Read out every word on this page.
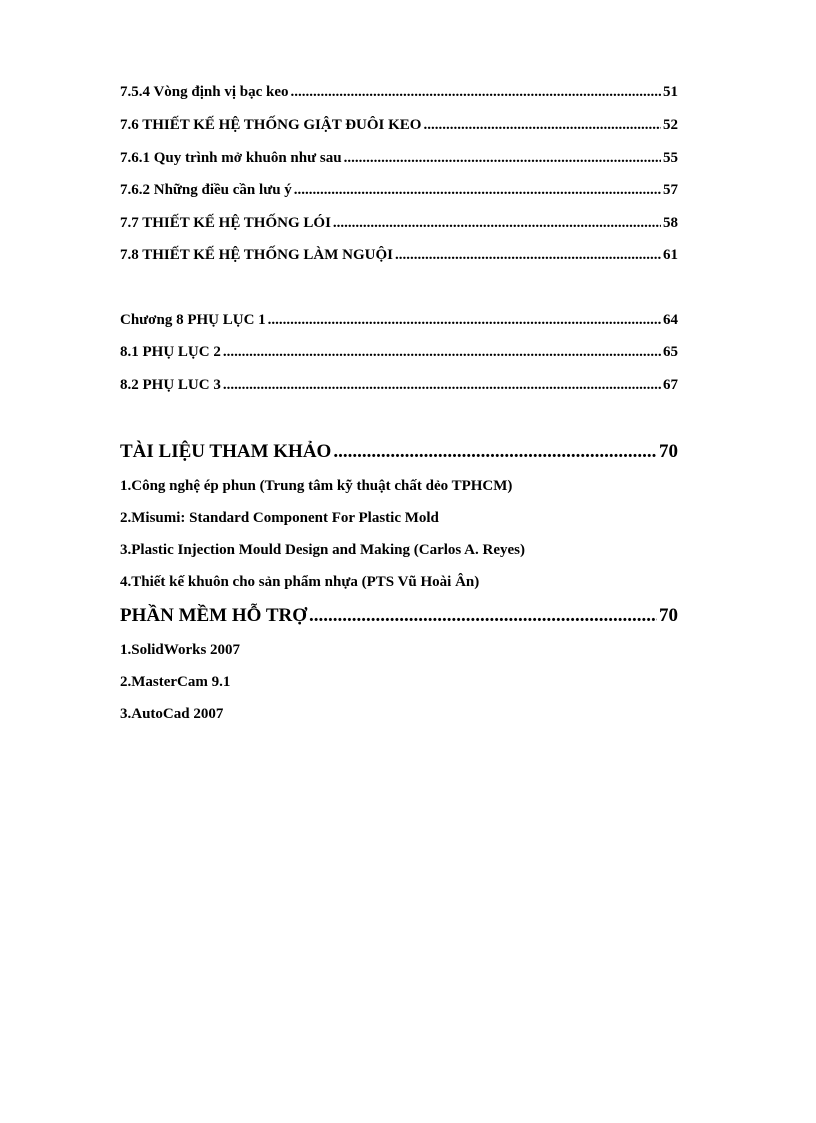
7.5.4 Vòng định vị bạc keo .....	51
7.6 THIẾT KẾ HỆ THỐNG GIẬT ĐUÔI KEO .....	52
7.6.1 Quy trình mở khuôn như sau .....	55
7.6.2 Những điều cần lưu ý .....	57
7.7 THIẾT KẾ HỆ THỐNG LÓI .....	58
7.8 THIẾT KẾ HỆ THỐNG LÀM NGUỘI .....	61
Chương 8 PHỤ LỤC 1 .....	64
8.1 PHỤ LỤC 2 .....	65
8.2 PHỤ LUC 3 .....	67
TÀI LIỆU THAM KHẢO .....	70
1.Công nghệ ép phun (Trung tâm kỹ thuật chất dẻo TPHCM)
2.Misumi: Standard Component For Plastic Mold
3.Plastic Injection Mould Design and Making (Carlos A. Reyes)
4.Thiết kế khuôn cho sản phẩm nhựa (PTS Vũ Hoài Ân)
PHẦN MỀM HỖ TRỢ .....	70
1.SolidWorks 2007
2.MasterCam 9.1
3.AutoCad 2007
